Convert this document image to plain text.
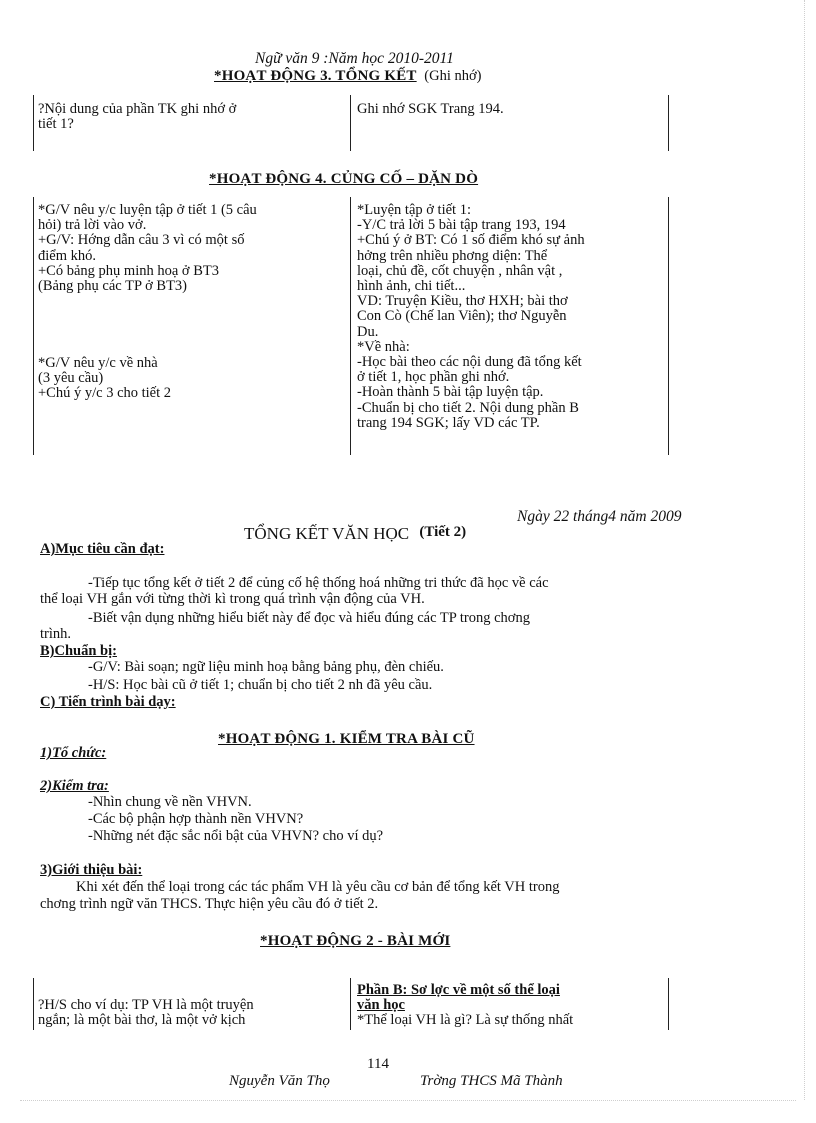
Ngữ văn 9 :Năm học 2010-2011
*HOẠT ĐỘNG 3. TỔNG KẾT (Ghi nhớ)
?Nội dung của phần TK ghi nhớ ở
tiết 1?
Ghi nhớ SGK Trang 194.
*HOẠT ĐỘNG 4. CỦNG CỐ – DẶN DÒ
*G/V nêu y/c luyện tập ở tiết 1 (5 câu
hỏi) trả lời vào vở.
+G/V: Hớng dẫn câu 3 vì có một số
điểm khó.
+Có bảng phụ minh hoạ ở BT3
(Bảng phụ các TP ở BT3)
*G/V nêu y/c về nhà
(3 yêu cầu)
+Chú ý y/c 3 cho tiết 2
*Luyện tập ở tiết 1:
-Y/C trả lời 5 bài tập trang 193, 194
+Chú ý ở BT: Có 1 số điểm khó sự ảnh
hởng trên nhiều phơng diện: Thể
loại, chủ đề, cốt chuyện , nhân vật ,
hình ảnh, chi tiết...
VD: Truyện Kiều, thơ HXH; bài thơ
Con Cò (Chế lan Viên); thơ Nguyễn
Du.
*Về nhà:
-Học bài theo các nội dung đã tổng kết
ở tiết 1, học phần ghi nhớ.
-Hoàn thành 5 bài tập luyện tập.
-Chuẩn bị cho tiết 2. Nội dung phần B
trang 194 SGK; lấy VD các TP.
Ngày 22 tháng4 năm 2009
TỔNG KẾT VĂN HỌC (Tiết 2)
A)Mục tiêu cần đạt:
-Tiếp tục tổng kết ở tiết 2 để củng cố hệ thống hoá những tri thức đã học về các
thể loại VH gắn với từng thời kì trong quá trình vận động của VH.
-Biết vận dụng những hiểu biết này để đọc và hiểu đúng các TP trong chơng
trình.
B)Chuẩn bị:
-G/V: Bài soạn; ngữ liệu minh hoạ bằng bảng phụ, đèn chiếu.
-H/S: Học bài cũ ở tiết 1; chuẩn bị cho tiết 2 nh đã yêu cầu.
C) Tiến trình bài dạy:
*HOẠT ĐỘNG 1. KIỂM TRA BÀI CŨ
1)Tổ chức:
2)Kiểm tra:
-Nhìn chung về nền VHVN.
-Các bộ phận hợp thành nền VHVN?
-Những nét đặc sắc nổi bật của VHVN? cho ví dụ?
3)Giới thiệu bài:
Khi xét đến thể loại trong các tác phẩm VH là yêu cầu cơ bản để tổng kết VH trong
chơng trình ngữ văn THCS. Thực hiện yêu cầu đó ở tiết 2.
*HOẠT ĐỘNG 2 - BÀI MỚI
?H/S cho ví dụ: TP VH là một truyện
ngắn; là một bài thơ, là một vở kịch
Phần B: Sơ lợc về một số thể loại
văn học
*Thể loại VH là gì? Là sự thống nhất
114
Nguyễn Văn Thọ	Trờng THCS Mã Thành
